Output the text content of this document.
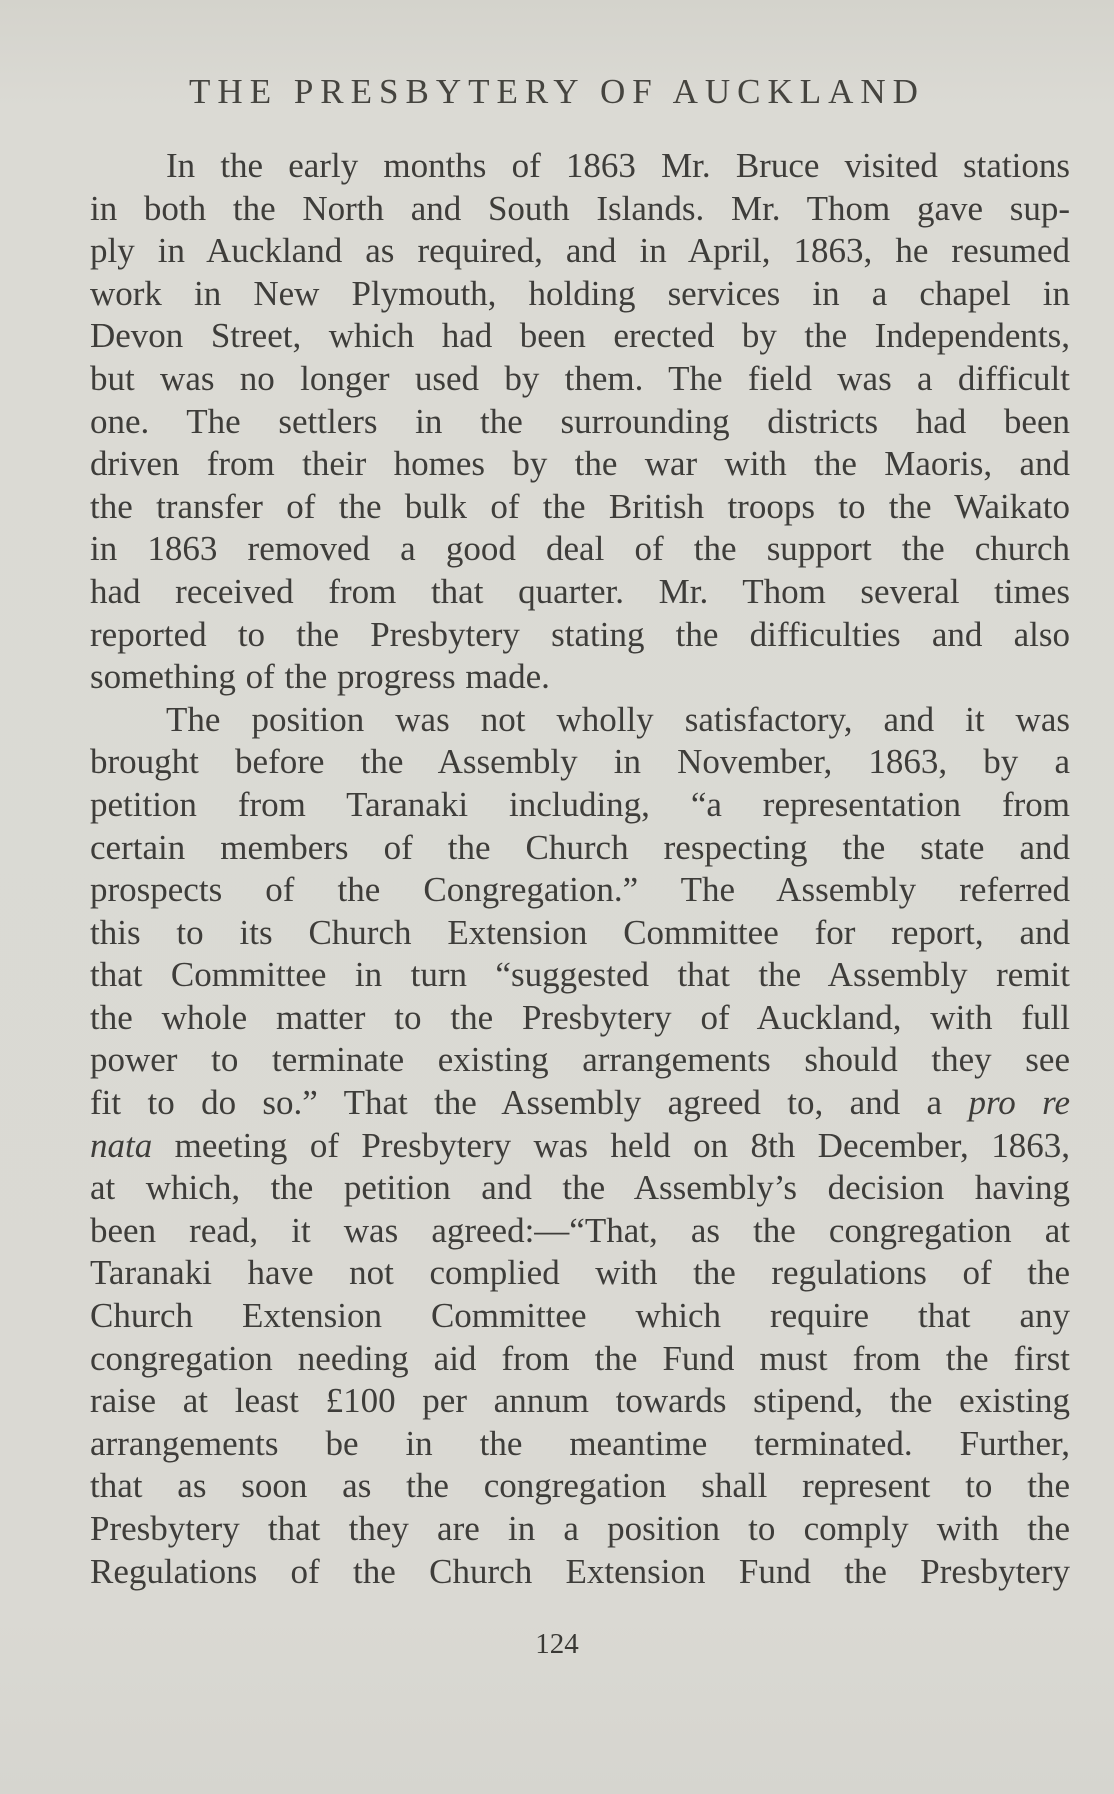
THE PRESBYTERY OF AUCKLAND
In the early months of 1863 Mr. Bruce visited stations
in both the North and South Islands. Mr. Thom gave sup-
ply in Auckland as required, and in April, 1863, he resumed
work in New Plymouth, holding services in a chapel in
Devon Street, which had been erected by the Independents,
but was no longer used by them. The field was a difficult
one. The settlers in the surrounding districts had been
driven from their homes by the war with the Maoris, and
the transfer of the bulk of the British troops to the Waikato
in 1863 removed a good deal of the support the church
had received from that quarter. Mr. Thom several times
reported to the Presbytery stating the difficulties and also
something of the progress made.
The position was not wholly satisfactory, and it was
brought before the Assembly in November, 1863, by a
petition from Taranaki including, “a representation from
certain members of the Church respecting the state and
prospects of the Congregation.” The Assembly referred
this to its Church Extension Committee for report, and
that Committee in turn “suggested that the Assembly remit
the whole matter to the Presbytery of Auckland, with full
power to terminate existing arrangements should they see
fit to do so.” That the Assembly agreed to, and a pro re
nata meeting of Presbytery was held on 8th December, 1863,
at which, the petition and the Assembly’s decision having
been read, it was agreed:—“That, as the congregation at
Taranaki have not complied with the regulations of the
Church Extension Committee which require that any
congregation needing aid from the Fund must from the first
raise at least £100 per annum towards stipend, the existing
arrangements be in the meantime terminated. Further,
that as soon as the congregation shall represent to the
Presbytery that they are in a position to comply with the
Regulations of the Church Extension Fund the Presbytery
124
